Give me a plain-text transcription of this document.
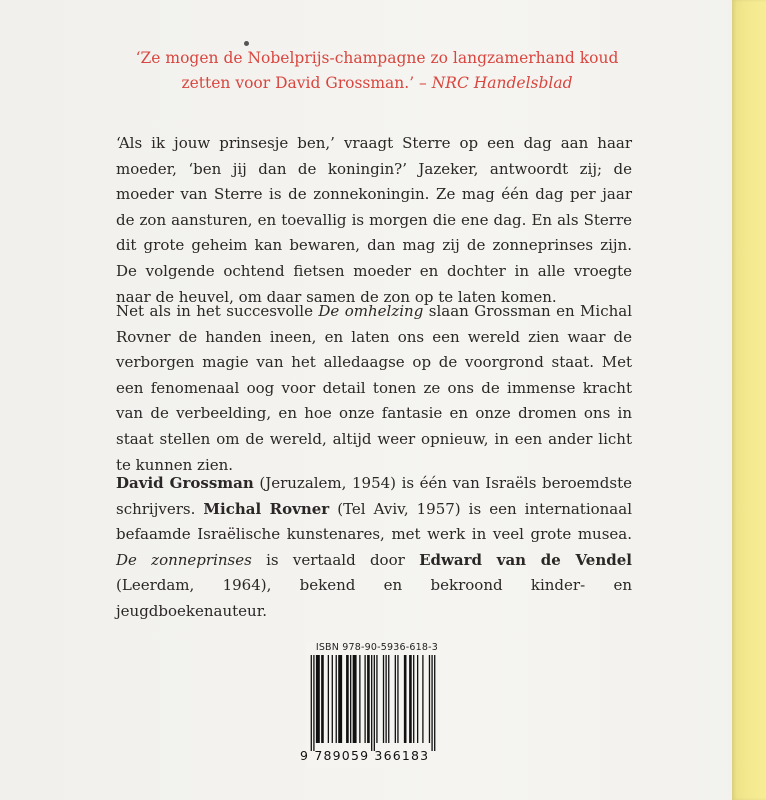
‘Ze mogen de Nobelprijs-champagne zo langzamerhand koud zetten voor David Grossman.’ – NRC Handelsblad
‘Als ik jouw prinsesje ben,’ vraagt Sterre op een dag aan haar moeder, ‘ben jij dan de koningin?’ Jazeker, antwoordt zij; de moeder van Sterre is de zonnekoningin. Ze mag één dag per jaar de zon aansturen, en toevallig is morgen die ene dag. En als Sterre dit grote geheim kan bewaren, dan mag zij de zonneprinses zijn. De volgende ochtend fietsen moeder en dochter in alle vroegte naar de heuvel, om daar samen de zon op te laten komen.
Net als in het succesvolle De omhelzing slaan Grossman en Michal Rovner de handen ineen, en laten ons een wereld zien waar de verborgen magie van het alledaagse op de voorgrond staat. Met een fenomenaal oog voor detail tonen ze ons de immense kracht van de verbeelding, en hoe onze fantasie en onze dromen ons in staat stellen om de wereld, altijd weer opnieuw, in een ander licht te kunnen zien.
David Grossman (Jeruzalem, 1954) is één van Israëls beroemdste schrijvers. Michal Rovner (Tel Aviv, 1957) is een internationaal befaamde Israëlische kunstenares, met werk in veel grote musea. De zonneprinses is vertaald door Edward van de Vendel (Leerdam, 1964), bekend en bekroond kinder- en jeugdboekenauteur.
ISBN 978-90-5936-618-3
9 789059 366183
